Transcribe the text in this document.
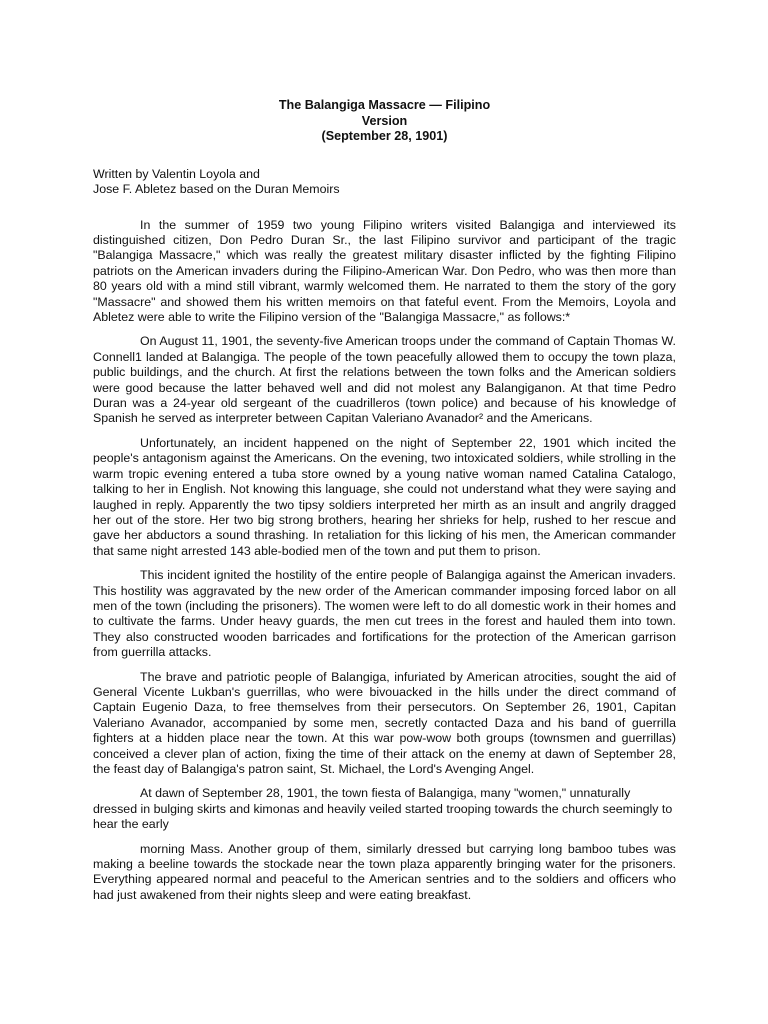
The Balangiga Massacre — Filipino
Version
(September 28, 1901)
Written by Valentin Loyola and
Jose F. Abletez based on the Duran Memoirs

In the summer of 1959 two young Filipino writers visited Balangiga and interviewed its distinguished citizen, Don Pedro Duran Sr., the last Filipino survivor and participant of the tragic "Balangiga Massacre," which was really the greatest military disaster inflicted by the fighting Filipino patriots on the American invaders during the Filipino-American War. Don Pedro, who was then more than 80 years old with a mind still vibrant, warmly welcomed them. He narrated to them the story of the gory "Massacre" and showed them his written memoirs on that fateful event. From the Memoirs, Loyola and Abletez were able to write the Filipino version of the "Balangiga Massacre," as follows:*

On August 11, 1901, the seventy-five American troops under the command of Captain Thomas W. Connell1 landed at Balangiga. The people of the town peacefully allowed them to occupy the town plaza, public buildings, and the church. At first the relations between the town folks and the American soldiers were good because the latter behaved well and did not molest any Balangiganon. At that time Pedro Duran was a 24-year old sergeant of the cuadrilleros (town police) and because of his knowledge of Spanish he served as interpreter between Capitan Valeriano Avanador² and the Americans.

Unfortunately, an incident happened on the night of September 22, 1901 which incited the people's antagonism against the Americans. On the evening, two intoxicated soldiers, while strolling in the warm tropic evening entered a tuba store owned by a young native woman named Catalina Catalogo, talking to her in English. Not knowing this language, she could not understand what they were saying and laughed in reply. Apparently the two tipsy soldiers interpreted her mirth as an insult and angrily dragged her out of the store. Her two big strong brothers, hearing her shrieks for help, rushed to her rescue and gave her abductors a sound thrashing. In retaliation for this licking of his men, the American commander that same night arrested 143 able-bodied men of the town and put them to prison.

This incident ignited the hostility of the entire people of Balangiga against the American invaders. This hostility was aggravated by the new order of the American commander imposing forced labor on all men of the town (including the prisoners). The women were left to do all domestic work in their homes and to cultivate the farms. Under heavy guards, the men cut trees in the forest and hauled them into town. They also constructed wooden barricades and fortifications for the protection of the American garrison from guerrilla attacks.

The brave and patriotic people of Balangiga, infuriated by American atrocities, sought the aid of General Vicente Lukban's guerrillas, who were bivouacked in the hills under the direct command of Captain Eugenio Daza, to free themselves from their persecutors. On September 26, 1901, Capitan Valeriano Avanador, accompanied by some men, secretly contacted Daza and his band of guerrilla fighters at a hidden place near the town. At this war pow-wow both groups (townsmen and guerrillas) conceived a clever plan of action, fixing the time of their attack on the enemy at dawn of September 28, the feast day of Balangiga's patron saint, St. Michael, the Lord's Avenging Angel.

At dawn of September 28, 1901, the town fiesta of Balangiga, many "women," unnaturally dressed in bulging skirts and kimonas and heavily veiled started trooping towards the church seemingly to hear the early

morning Mass. Another group of them, similarly dressed but carrying long bamboo tubes was making a beeline towards the stockade near the town plaza apparently bringing water for the prisoners. Everything appeared normal and peaceful to the American sentries and to the soldiers and officers who had just awakened from their nights sleep and were eating breakfast.
